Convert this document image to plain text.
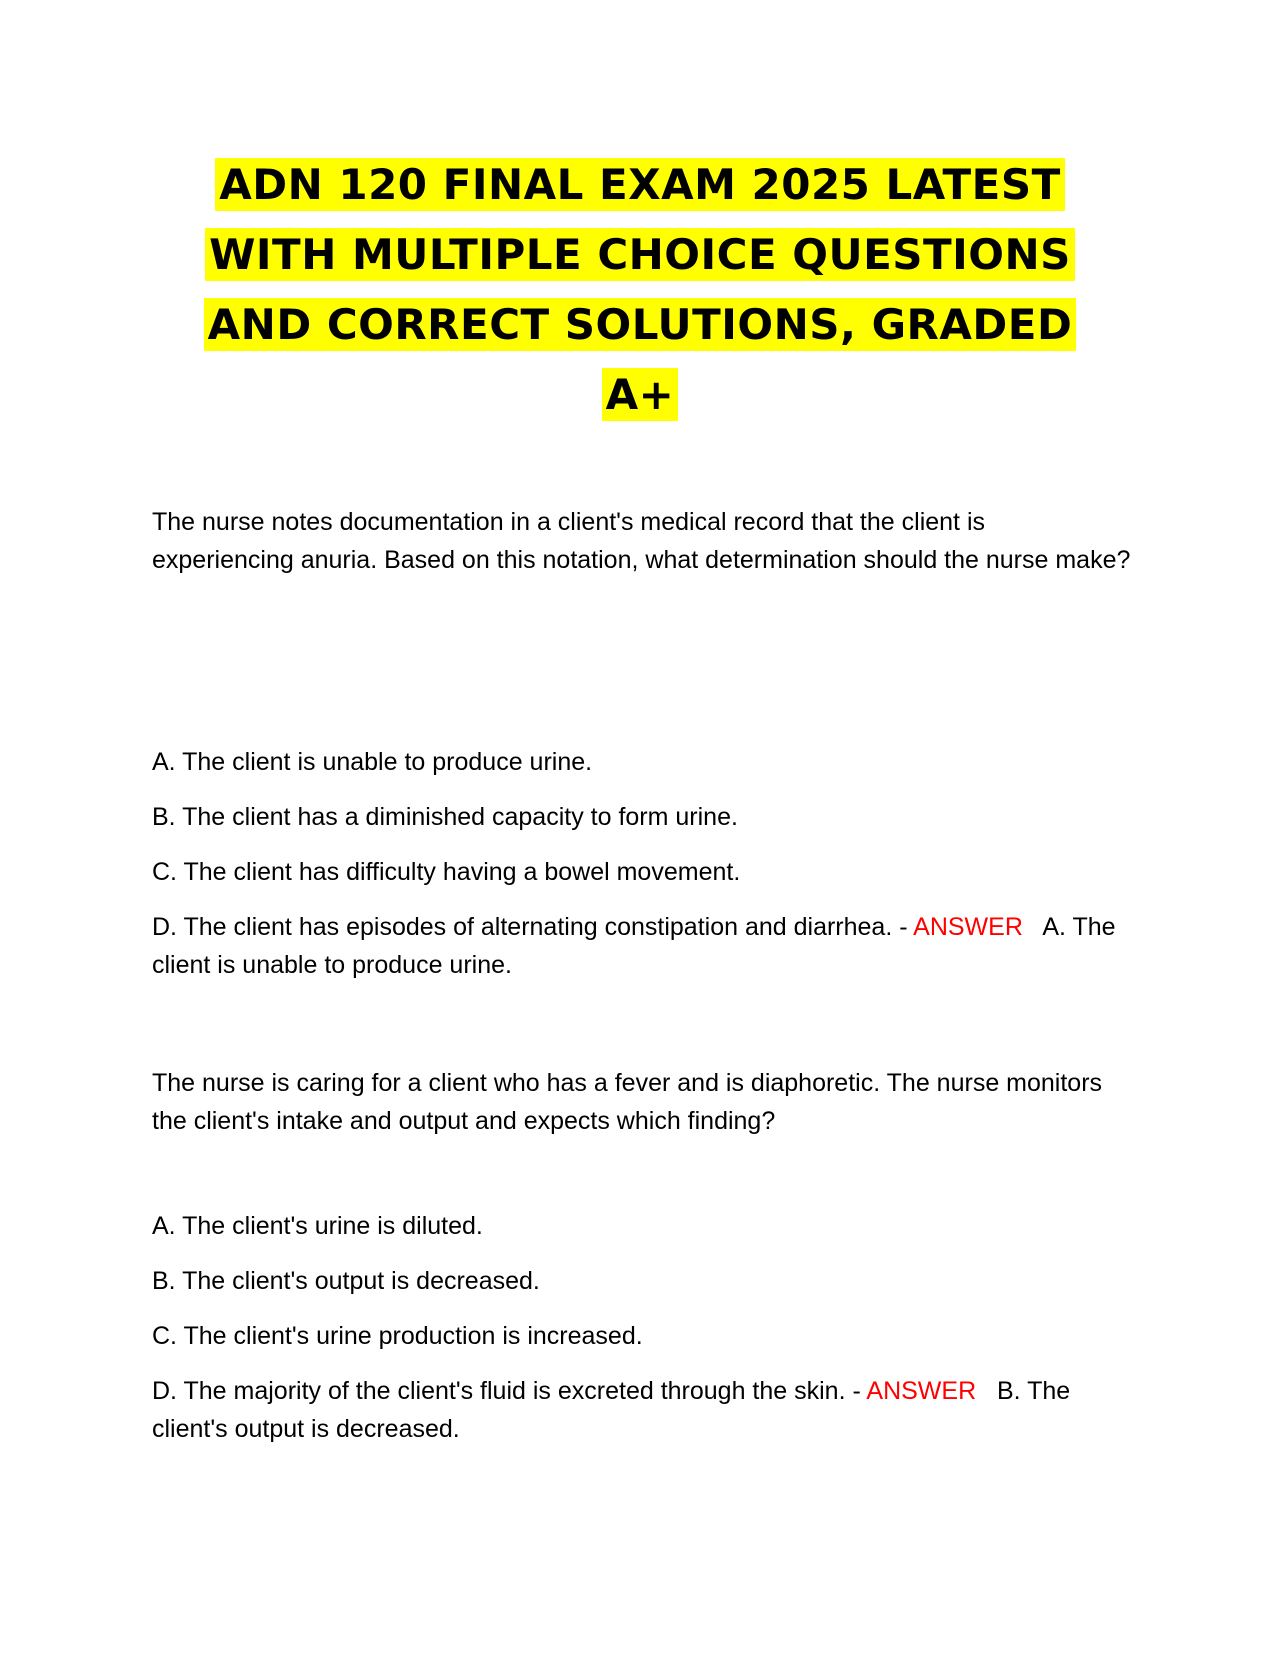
ADN 120 FINAL EXAM 2025 LATEST
WITH MULTIPLE CHOICE QUESTIONS
AND CORRECT SOLUTIONS, GRADED
A+

The nurse notes documentation in a client's medical record that the client is experiencing anuria. Based on this notation, what determination should the nurse make?

A. The client is unable to produce urine.

B. The client has a diminished capacity to form urine.

C. The client has difficulty having a bowel movement.

D. The client has episodes of alternating constipation and diarrhea. - ANSWER A. The client is unable to produce urine.

The nurse is caring for a client who has a fever and is diaphoretic. The nurse monitors the client's intake and output and expects which finding?

A. The client's urine is diluted.

B. The client's output is decreased.

C. The client's urine production is increased.

D. The majority of the client's fluid is excreted through the skin. - ANSWER B. The client's output is decreased.
